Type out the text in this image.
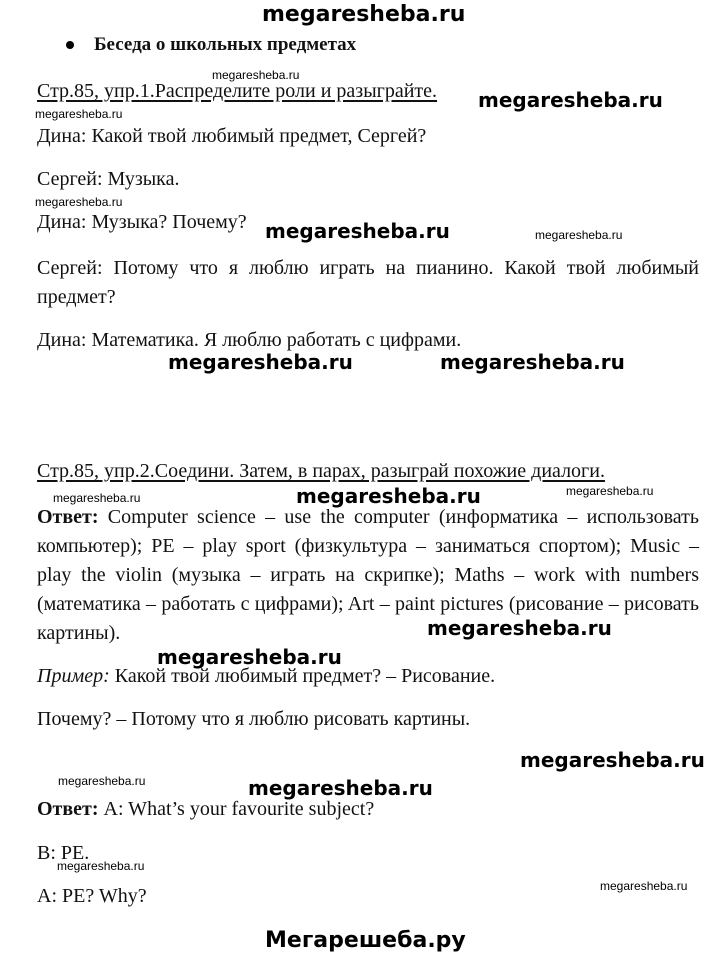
megaresheba.ru
Беседа о школьных предметах
Стр.85, упр.1.Распределите роли и разыграйте.
Дина: Какой твой любимый предмет, Сергей?
Сергей: Музыка.
Дина: Музыка? Почему?
Сергей: Потому что я люблю играть на пианино. Какой твой любимый предмет?
Дина: Математика. Я люблю работать с цифрами.
Стр.85, упр.2.Соедини. Затем, в парах, разыграй похожие диалоги.
Ответ: Computer science – use the computer (информатика – использовать компьютер); PE – play sport (физкультура – заниматься спортом); Music – play the violin (музыка – играть на скрипке); Maths – work with numbers (математика – работать с цифрами); Art – paint pictures (рисование – рисовать картины).
Пример: Какой твой любимый предмет? – Рисование.
Почему? – Потому что я люблю рисовать картины.
Ответ: A: What’s your favourite subject?
B: PE.
A: PE? Why?
megaresheba.ru
megaresheba.ru
megaresheba.ru	megaresheba.ru
megaresheba.ru
megaresheba.ru
megaresheba.ru
megaresheba.ru
megaresheba.ru
megaresheba.ru
megaresheba.ru
megaresheba.ru
megaresheba.ru
megaresheba.ru	megaresheba.ru
megaresheba.ru
megaresheba.ru
megaresheba.ru
Мегарешеба.ру
